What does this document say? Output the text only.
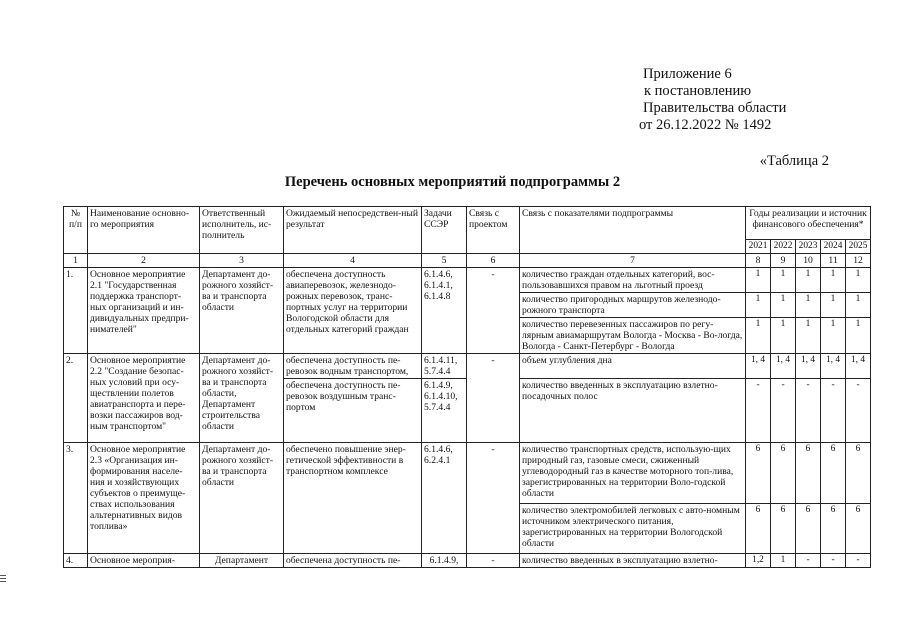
Приложение 6
к постановлению
Правительства области
от 26.12.2022 № 1492
«Таблица 2
Перечень основных мероприятий подпрограммы 2
№ п/п	Наименование основно-го мероприятия	Ответственный исполнитель, ис-полнитель	Ожидаемый непосредствен-ный результат	Задачи ССЭР	Связь с проектом	Связь с показателями подпрограммы	Годы реализации и источник финансового обеспечения*				
							2021	2022	2023	2024	2025
1	2	3	4	5	6	7	8	9	10	11	12
1.	Основное мероприятие 2.1 "Государственная поддержка транспорт-ных организаций и ин-дивидуальных предпри-нимателей"	Департамент до-рожного хозяйст-ва и транспорта области	обеспечена доступность авиаперевозок, железнодо-рожных перевозок, транс-портных услуг на территории Вологодской области для отдельных категорий граждан	6.1.4.6, 6.1.4.1, 6.1.4.8	-	количество граждан отдельных категорий, вос-пользовавшихся правом на льготный проезд	1	1	1	1	1
						количество пригородных маршрутов железнодо-рожного транспорта	1	1	1	1	1
						количество перевезенных пассажиров по регу-лярным авиамаршрутам Вологда - Москва - Во-логда, Вологда - Санкт-Петербург - Вологда	1	1	1	1	1
2.	Основное мероприятие 2.2 "Создание безопас-ных условий при осу-ществлении полетов авиатранспорта и пере-возки пассажиров вод-ным транспортом"	Департамент до-рожного хозяйст-ва и транспорта области, Департамент строительства области	обеспечена доступность пе-ревозок водным транспортом,	6.1.4.11, 5.7.4.4	-	объем углубления дна	1, 4	1, 4	1, 4	1, 4	1, 4
			обеспечена доступность пе-ревозок воздушным транс-портом	6.1.4.9, 6.1.4.10, 5.7.4.4		количество введенных в эксплуатацию взлетно-посадочных полос	-	-	-	-	-
3.	Основное мероприятие 2.3 «Организация ин-формирования населе-ния и хозяйствующих субъектов о преимуще-ствах использования альтернативных видов топлива»	Департамент до-рожного хозяйст-ва и транспорта области	обеспечено повышение энер-гетической эффективности в транспортном комплексе	6.1.4.6, 6.2.4.1	-	количество транспортных средств, использую-щих природный газ, газовые смеси, сжиженный углеводородный газ в качестве моторного топ-лива, зарегистрированных на территории Воло-годской области	6	6	6	6	6
						количество электромобилей легковых с авто-номным источником электрического питания, зарегистрированных на территории Вологодской области	6	6	6	6	6
4.	Основное мероприя-	Департамент	обеспечена доступность пе-	6.1.4.9,	-	количество введенных в эксплуатацию взлетно-	1,2	1	-	-	-
